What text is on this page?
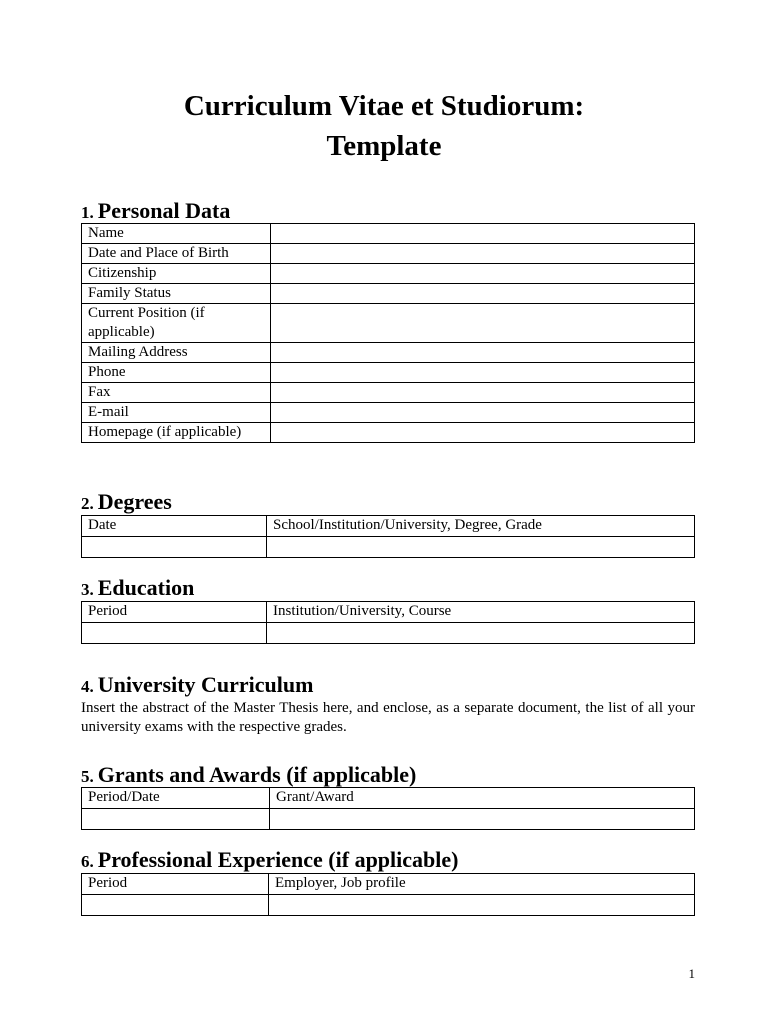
Curriculum Vitae et Studiorum:
Template
1. Personal Data
Name	
Date and Place of Birth	
Citizenship	
Family Status	
Current Position (if applicable)	
Mailing Address	
Phone	
Fax	
E-mail	
Homepage (if applicable)	
2. Degrees
Date	School/Institution/University, Degree, Grade

3. Education
Period	Institution/University, Course

4. University Curriculum
Insert the abstract of the Master Thesis here, and enclose, as a separate document, the list of all your university exams with the respective grades.
5. Grants and Awards (if applicable)
Period/Date	Grant/Award

6. Professional Experience (if applicable)
Period	Employer, Job profile

1
